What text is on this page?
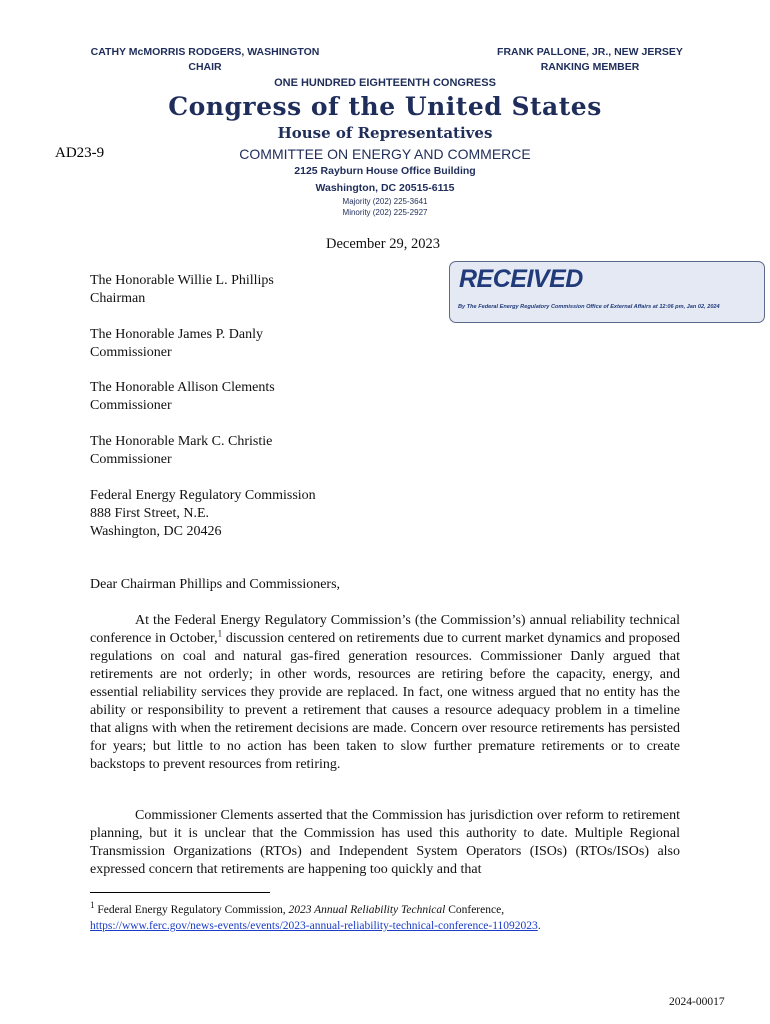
CATHY McMORRIS RODGERS, WASHINGTON
CHAIR
FRANK PALLONE, JR., NEW JERSEY
RANKING MEMBER
ONE HUNDRED EIGHTEENTH CONGRESS
Congress of the United States
House of Representatives
COMMITTEE ON ENERGY AND COMMERCE
2125 Rayburn House Office Building
Washington, DC 20515-6115
Majority (202) 225-3641
Minority (202) 225-2927
AD23-9
December 29, 2023
RECEIVED
By The Federal Energy Regulatory Commission Office of External Affairs at 12:06 pm, Jan 02, 2024
The Honorable Willie L. Phillips
Chairman
The Honorable James P. Danly
Commissioner
The Honorable Allison Clements
Commissioner
The Honorable Mark C. Christie
Commissioner
Federal Energy Regulatory Commission
888 First Street, N.E.
Washington, DC 20426
Dear Chairman Phillips and Commissioners,

At the Federal Energy Regulatory Commission’s (the Commission’s) annual reliability technical conference in October,$^1$ discussion centered on retirements due to current market dynamics and proposed regulations on coal and natural gas-fired generation resources. Commissioner Danly argued that retirements are not orderly; in other words, resources are retiring before the capacity, energy, and essential reliability services they provide are replaced. In fact, one witness argued that no entity has the ability or responsibility to prevent a retirement that causes a resource adequacy problem in a timeline that aligns with when the retirement decisions are made. Concern over resource retirements has persisted for years; but little to no action has been taken to slow further premature retirements or to create backstops to prevent resources from retiring.

Commissioner Clements asserted that the Commission has jurisdiction over reform to retirement planning, but it is unclear that the Commission has used this authority to date. Multiple Regional Transmission Organizations (RTOs) and Independent System Operators (ISOs) (RTOs/ISOs) also expressed concern that retirements are happening too quickly and that

$^1$ Federal Energy Regulatory Commission, 2023 Annual Reliability Technical Conference,
https://www.ferc.gov/news-events/events/2023-annual-reliability-technical-conference-11092023.
2024-00017
